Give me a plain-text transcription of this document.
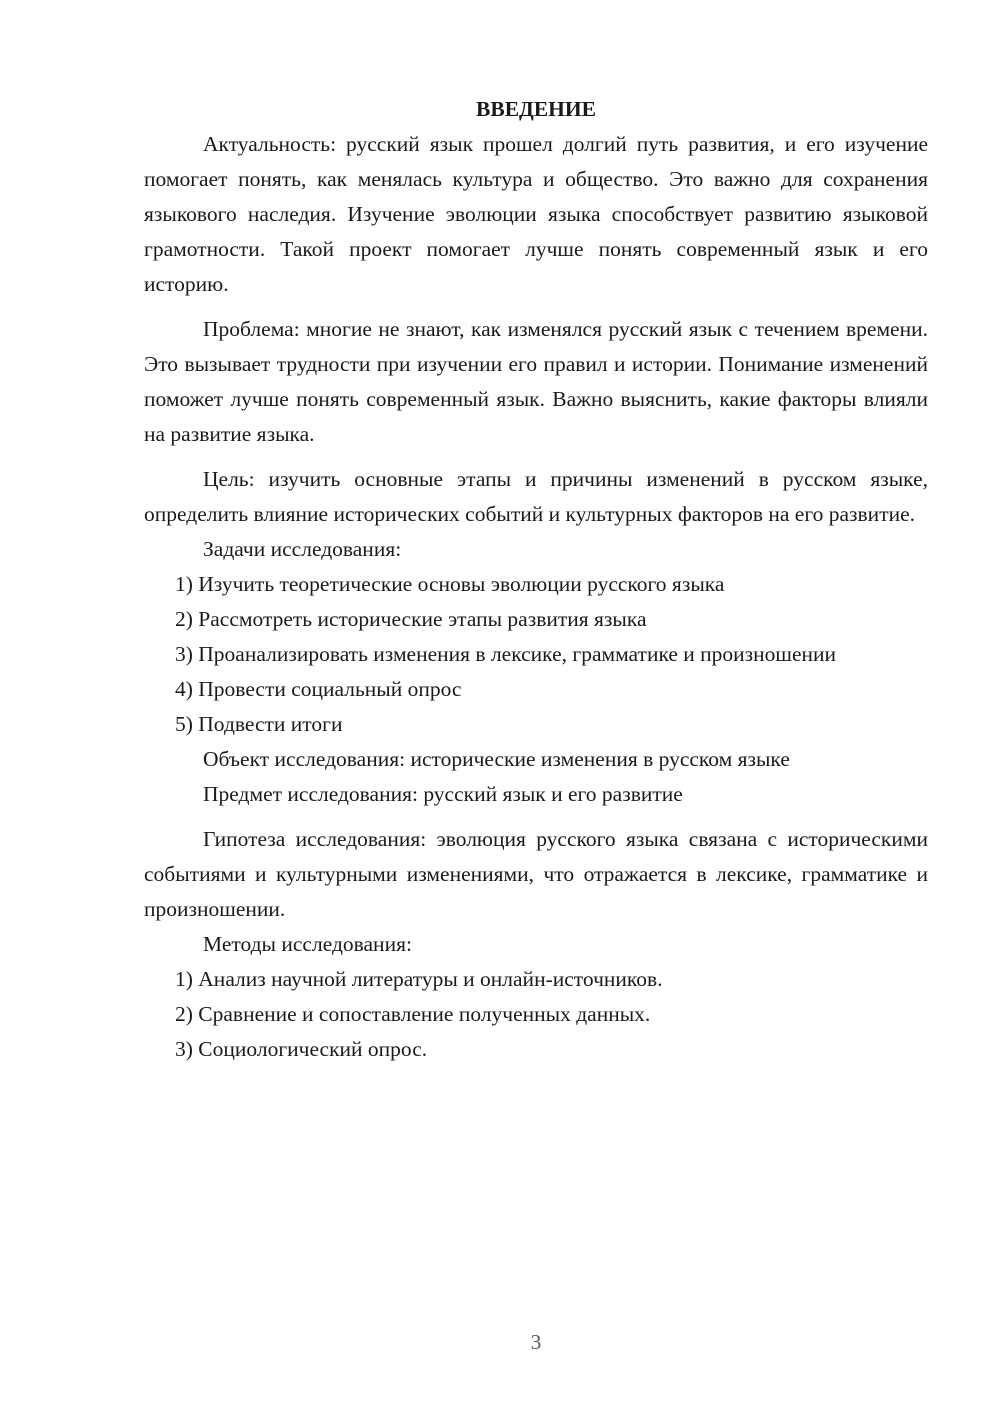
ВВЕДЕНИЕ

Актуальность: русский язык прошел долгий путь развития, и его изучение помогает понять, как менялась культура и общество. Это важно для сохранения языкового наследия. Изучение эволюции языка способствует развитию языковой грамотности. Такой проект помогает лучше понять современный язык и его историю.

Проблема: многие не знают, как изменялся русский язык с течением времени. Это вызывает трудности при изучении его правил и истории. Понимание изменений поможет лучше понять современный язык. Важно выяснить, какие факторы влияли на развитие языка.

Цель: изучить основные этапы и причины изменений в русском языке, определить влияние исторических событий и культурных факторов на его развитие.

Задачи исследования:

1) Изучить теоретические основы эволюции русского языка

2) Рассмотреть исторические этапы развития языка

3) Проанализировать изменения в лексике, грамматике и произношении

4) Провести социальный опрос

5) Подвести итоги

Объект исследования: исторические изменения в русском языке

Предмет исследования: русский язык и его развитие

Гипотеза исследования: эволюция русского языка связана с историческими событиями и культурными изменениями, что отражается в лексике, грамматике и произношении.

Методы исследования:

1) Анализ научной литературы и онлайн-источников.

2) Сравнение и сопоставление полученных данных.

3) Социологический опрос.

3
